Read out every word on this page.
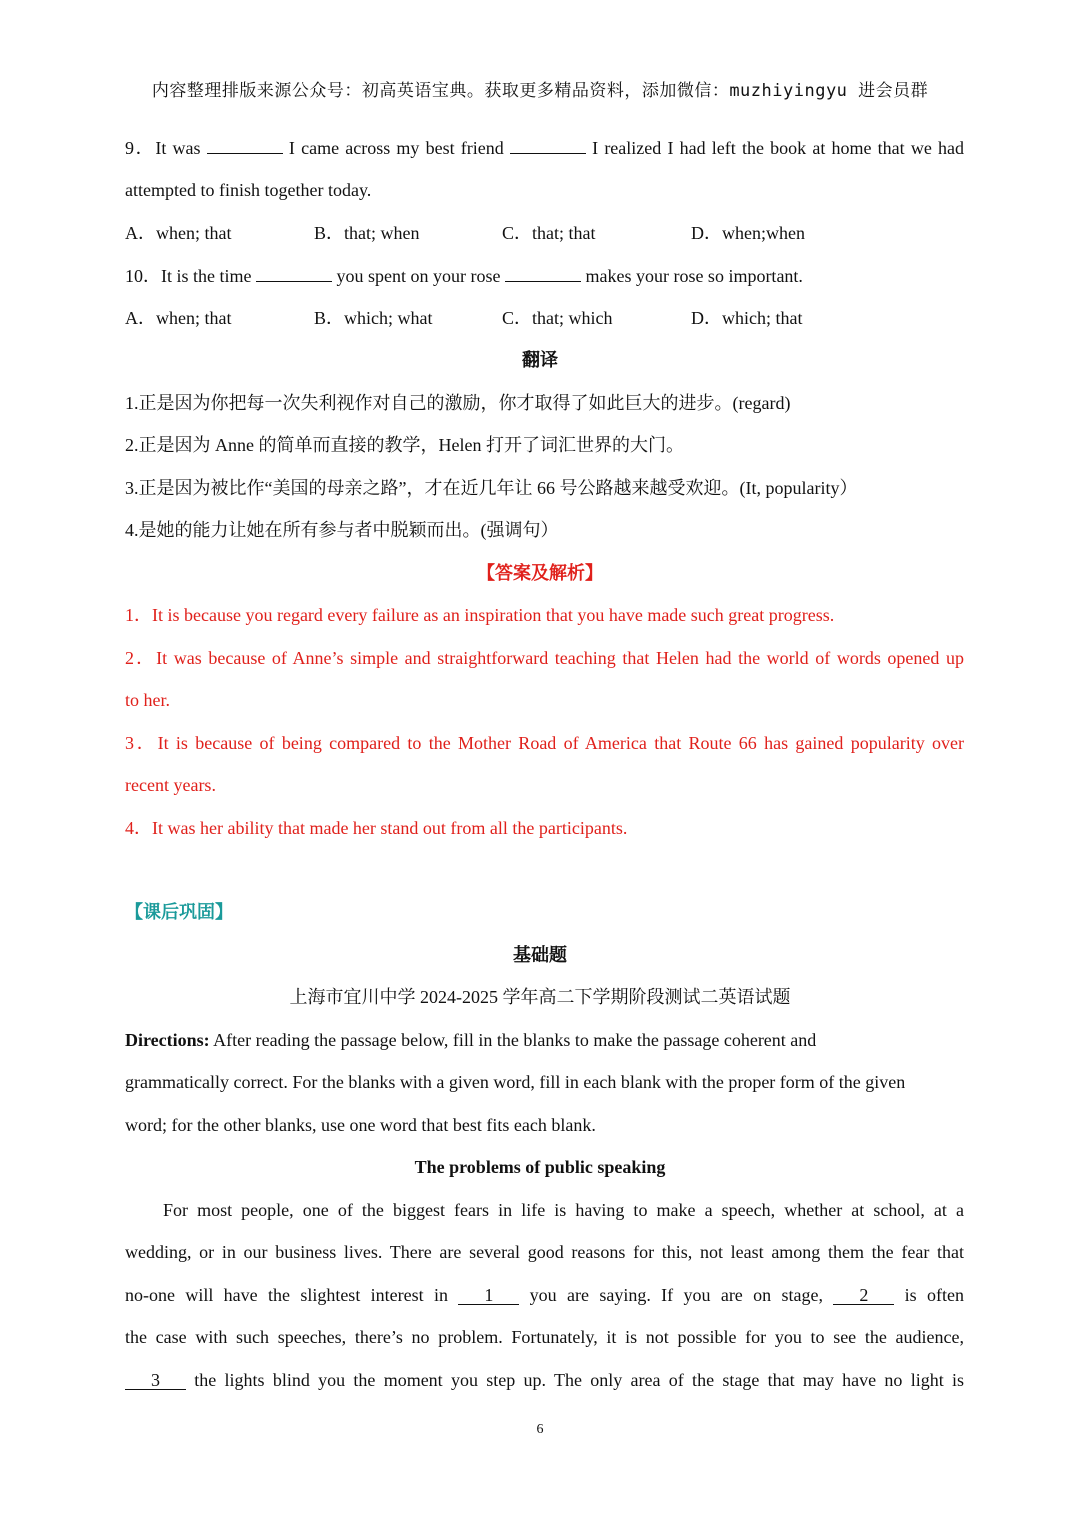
内容整理排版来源公众号：初高英语宝典。获取更多精品资料，添加微信：muzhiyingyu 进会员群
9．It was	I came across my best friend	I realized I had left the book at home that we had
attempted to finish together today.
A．when; that	B．that; when	C．that; that	D．when;when
10．It is the time	you spent on your rose	makes your rose so important.
A．when; that	B．which; what	C．that; which	D．which; that
翻译
1.正是因为你把每一次失利视作对自己的激励，你才取得了如此巨大的进步。(regard)
2.正是因为 Anne 的简单而直接的教学，Helen 打开了词汇世界的大门。
3.正是因为被比作“美国的母亲之路”，才在近几年让 66 号公路越来越受欢迎。(It, popularity）
4.是她的能力让她在所有参与者中脱颖而出。(强调句）
【答案及解析】
1．It is because you regard every failure as an inspiration that you have made such great progress.
2．It was because of Anne’s simple and straightforward teaching that Helen had the world of words opened up
to her.
3．It is because of being compared to the Mother Road of America that Route 66 has gained popularity over
recent years.
4．It was her ability that made her stand out from all the participants.
【课后巩固】
基础题
上海市宜川中学 2024-2025 学年高二下学期阶段测试二英语试题
Directions: After reading the passage below, fill in the blanks to make the passage coherent and
grammatically correct. For the blanks with a given word, fill in each blank with the proper form of the given
word; for the other blanks, use one word that best fits each blank.
The problems of public speaking
For most people, one of the biggest fears in life is having to make a speech, whether at school, at a
wedding, or in our business lives. There are several good reasons for this, not least among them the fear that
no-one will have the slightest interest in 1 you are saying. If you are on stage, 2 is often
the case with such speeches, there’s no problem. Fortunately, it is not possible for you to see the audience,
3 the lights blind you the moment you step up. The only area of the stage that may have no light is
6
